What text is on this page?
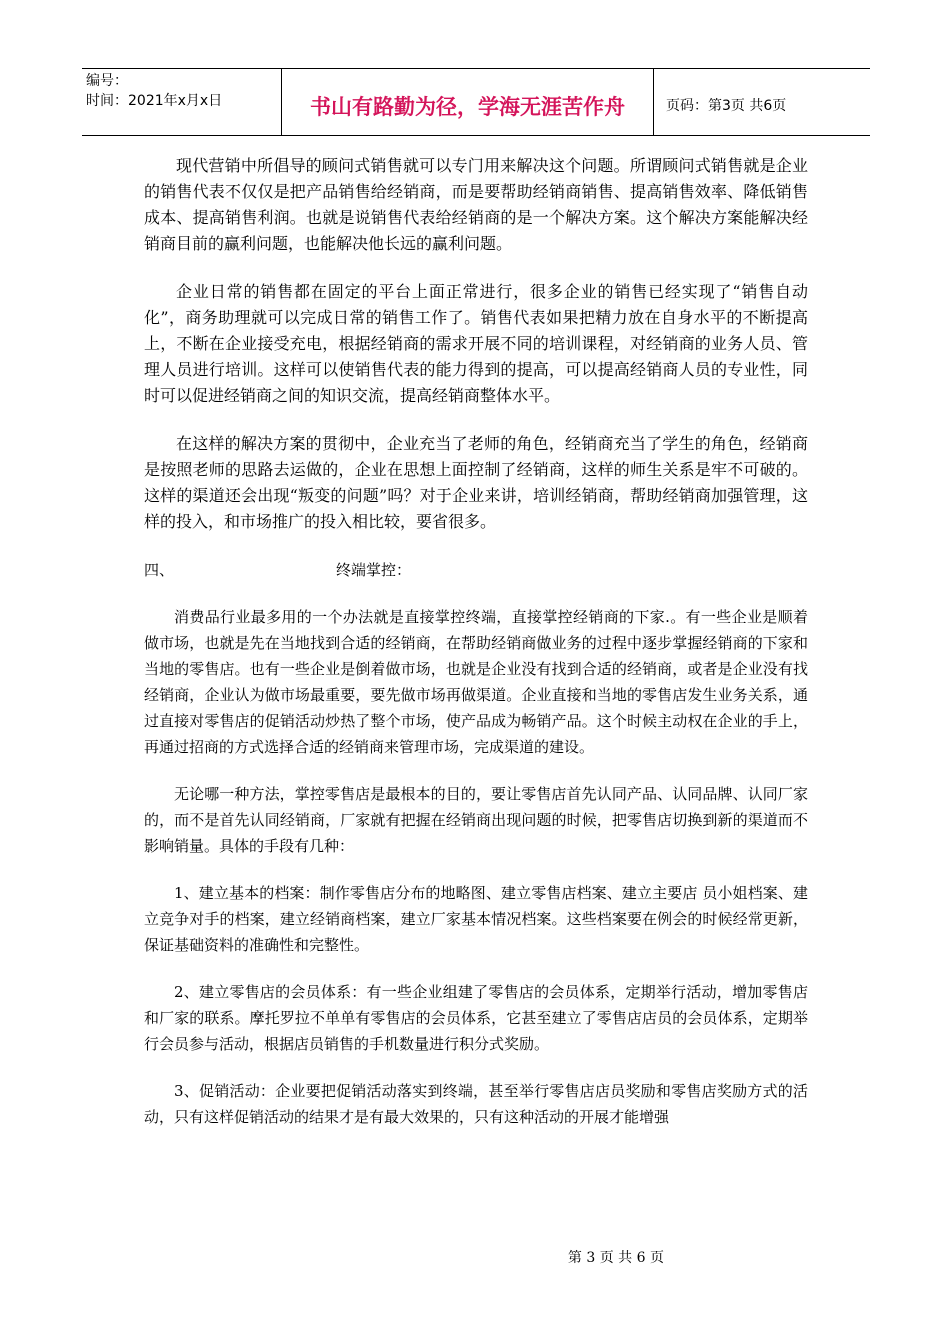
编号：
时间：2021年x月x日	书山有路勤为径，学海无涯苦作舟	页码：第3页 共6页

现代营销中所倡导的顾问式销售就可以专门用来解决这个问题。所谓顾问式销售就是企业的销售代表不仅仅是把产品销售给经销商，而是要帮助经销商销售、提高销售效率、降低销售成本、提高销售利润。也就是说销售代表给经销商的是一个解决方案。这个解决方案能解决经销商目前的赢利问题，也能解决他长远的赢利问题。

企业日常的销售都在固定的平台上面正常进行，很多企业的销售已经实现了“销售自动化”，商务助理就可以完成日常的销售工作了。销售代表如果把精力放在自身水平的不断提高上，不断在企业接受充电，根据经销商的需求开展不同的培训课程，对经销商的业务人员、管理人员进行培训。这样可以使销售代表的能力得到的提高，可以提高经销商人员的专业性，同时可以促进经销商之间的知识交流，提高经销商整体水平。

在这样的解决方案的贯彻中，企业充当了老师的角色，经销商充当了学生的角色，经销商是按照老师的思路去运做的，企业在思想上面控制了经销商，这样的师生关系是牢不可破的。这样的渠道还会出现“叛变的问题”吗？对于企业来讲，培训经销商，帮助经销商加强管理，这样的投入，和市场推广的投入相比较，要省很多。

四、	终端掌控：

消费品行业最多用的一个办法就是直接掌控终端，直接掌控经销商的下家.。有一些企业是顺着做市场，也就是先在当地找到合适的经销商，在帮助经销商做业务的过程中逐步掌握经销商的下家和当地的零售店。也有一些企业是倒着做市场，也就是企业没有找到合适的经销商，或者是企业没有找经销商，企业认为做市场最重要，要先做市场再做渠道。企业直接和当地的零售店发生业务关系，通过直接对零售店的促销活动炒热了整个市场，使产品成为畅销产品。这个时候主动权在企业的手上，再通过招商的方式选择合适的经销商来管理市场，完成渠道的建设。

无论哪一种方法，掌控零售店是最根本的目的，要让零售店首先认同产品、认同品牌、认同厂家的，而不是首先认同经销商，厂家就有把握在经销商出现问题的时候，把零售店切换到新的渠道而不影响销量。具体的手段有几种：

1、建立基本的档案：制作零售店分布的地略图、建立零售店档案、建立主要店 员小姐档案、建立竞争对手的档案，建立经销商档案，建立厂家基本情况档案。这些档案要在例会的时候经常更新，保证基础资料的准确性和完整性。

2、建立零售店的会员体系：有一些企业组建了零售店的会员体系，定期举行活动，增加零售店和厂家的联系。摩托罗拉不单单有零售店的会员体系，它甚至建立了零售店店员的会员体系，定期举行会员参与活动，根据店员销售的手机数量进行积分式奖励。

3、促销活动：企业要把促销活动落实到终端，甚至举行零售店店员奖励和零售店奖励方式的活动，只有这样促销活动的结果才是有最大效果的，只有这种活动的开展才能增强

第 3 页 共 6 页
